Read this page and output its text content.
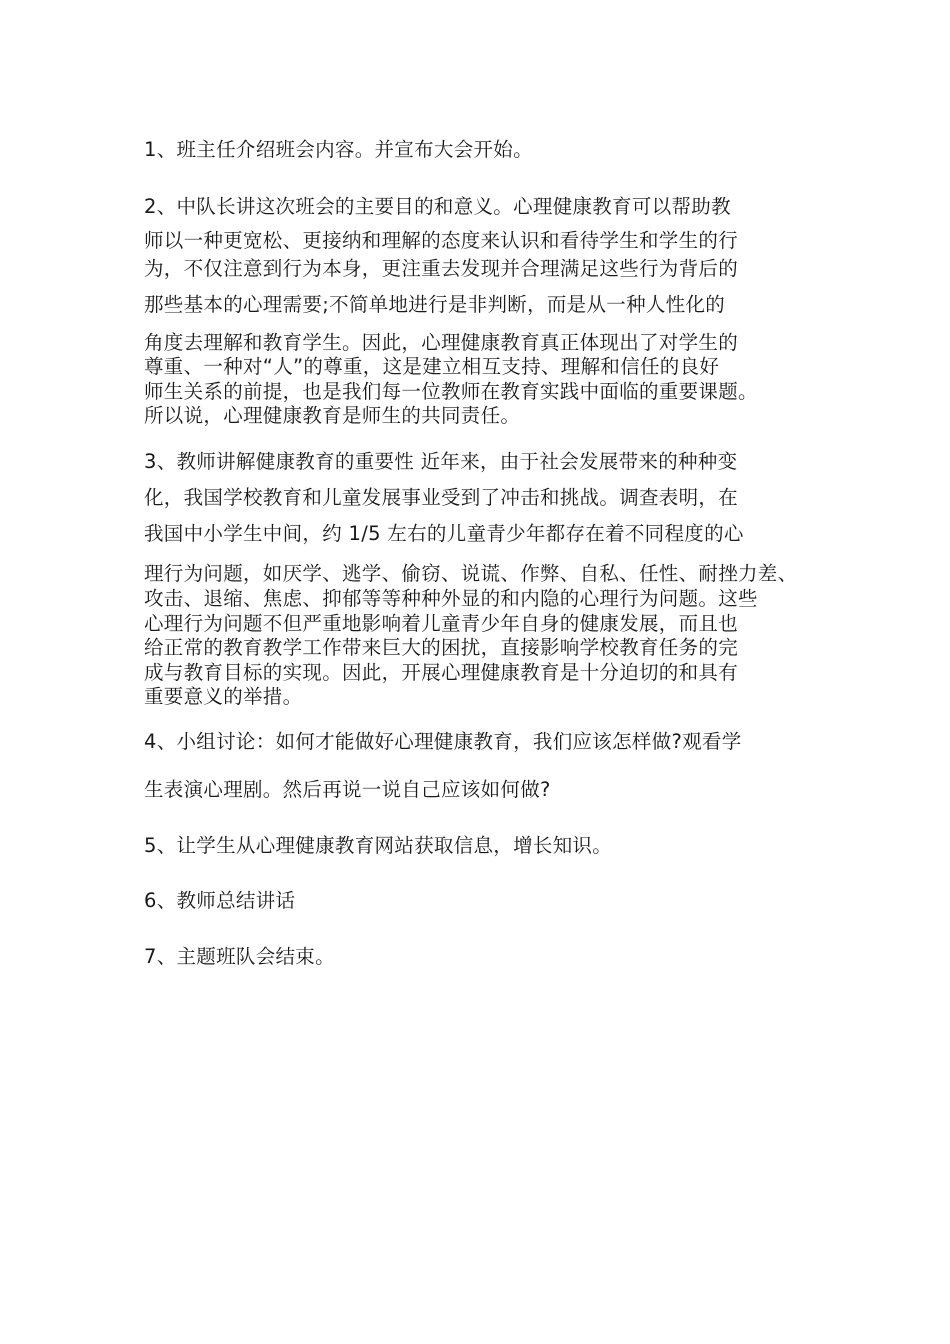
1、班主任介绍班会内容。并宣布大会开始。
2、中队长讲这次班会的主要目的和意义。心理健康教育可以帮助教
师以一种更宽松、更接纳和理解的态度来认识和看待学生和学生的行
为，不仅注意到行为本身，更注重去发现并合理满足这些行为背后的
那些基本的心理需要;不简单地进行是非判断，而是从一种人性化的
角度去理解和教育学生。因此，心理健康教育真正体现出了对学生的
尊重、一种对“人”的尊重，这是建立相互支持、理解和信任的良好
师生关系的前提，也是我们每一位教师在教育实践中面临的重要课题。
所以说，心理健康教育是师生的共同责任。
3、教师讲解健康教育的重要性 近年来，由于社会发展带来的种种变
化，我国学校教育和儿童发展事业受到了冲击和挑战。调查表明，在
我国中小学生中间，约 1/5 左右的儿童青少年都存在着不同程度的心
理行为问题，如厌学、逃学、偷窃、说谎、作弊、自私、任性、耐挫力差、
攻击、退缩、焦虑、抑郁等等种种外显的和内隐的心理行为问题。这些
心理行为问题不但严重地影响着儿童青少年自身的健康发展，而且也
给正常的教育教学工作带来巨大的困扰，直接影响学校教育任务的完
成与教育目标的实现。因此，开展心理健康教育是十分迫切的和具有
重要意义的举措。
4、小组讨论：如何才能做好心理健康教育，我们应该怎样做?观看学
生表演心理剧。然后再说一说自己应该如何做?
5、让学生从心理健康教育网站获取信息，增长知识。
6、教师总结讲话
7、主题班队会结束。
